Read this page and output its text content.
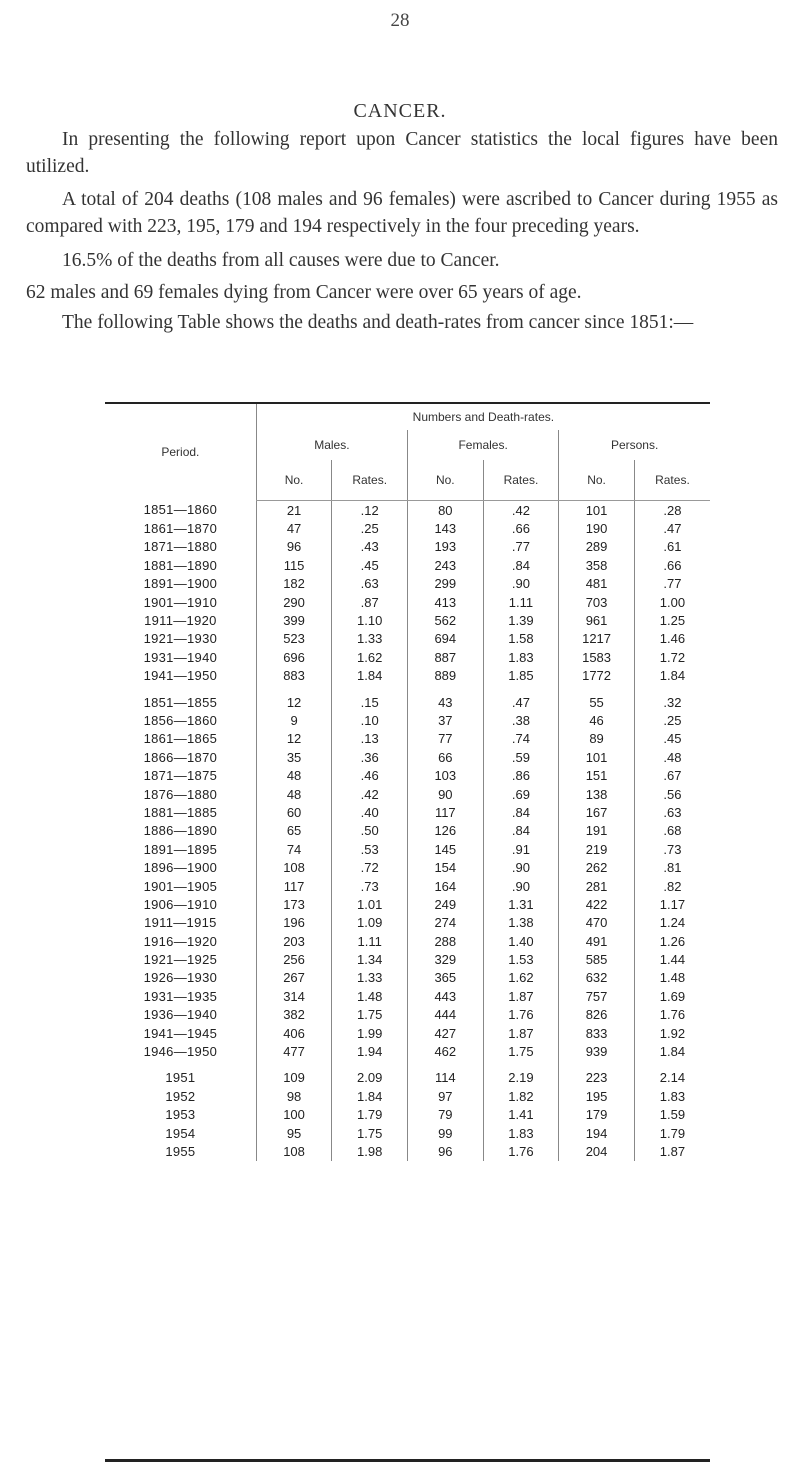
28
CANCER.
In presenting the following report upon Cancer statistics the local figures have been utilized.
A total of 204 deaths (108 males and 96 females) were ascribed to Cancer during 1955 as compared with 223, 195, 179 and 194 respectively in the four preceding years.
16.5% of the deaths from all causes were due to Cancer.
62 males and 69 females dying from Cancer were over 65 years of age.
The following Table shows the deaths and death-rates from cancer since 1851:—
Period.	Numbers and Death-rates.					
	Males.		Females.		Persons.	
	No.	Rates.	No.	Rates.	No.	Rates.
1851—1860	21	.12	80	.42	101	.28
1861—1870	47	.25	143	.66	190	.47
1871—1880	96	.43	193	.77	289	.61
1881—1890	115	.45	243	.84	358	.66
1891—1900	182	.63	299	.90	481	.77
1901—1910	290	.87	413	1.11	703	1.00
1911—1920	399	1.10	562	1.39	961	1.25
1921—1930	523	1.33	694	1.58	1217	1.46
1931—1940	696	1.62	887	1.83	1583	1.72
1941—1950	883	1.84	889	1.85	1772	1.84

1851—1855	12	.15	43	.47	55	.32
1856—1860	9	.10	37	.38	46	.25
1861—1865	12	.13	77	.74	89	.45
1866—1870	35	.36	66	.59	101	.48
1871—1875	48	.46	103	.86	151	.67
1876—1880	48	.42	90	.69	138	.56
1881—1885	60	.40	117	.84	167	.63
1886—1890	65	.50	126	.84	191	.68
1891—1895	74	.53	145	.91	219	.73
1896—1900	108	.72	154	.90	262	.81
1901—1905	117	.73	164	.90	281	.82
1906—1910	173	1.01	249	1.31	422	1.17
1911—1915	196	1.09	274	1.38	470	1.24
1916—1920	203	1.11	288	1.40	491	1.26
1921—1925	256	1.34	329	1.53	585	1.44
1926—1930	267	1.33	365	1.62	632	1.48
1931—1935	314	1.48	443	1.87	757	1.69
1936—1940	382	1.75	444	1.76	826	1.76
1941—1945	406	1.99	427	1.87	833	1.92
1946—1950	477	1.94	462	1.75	939	1.84

1951	109	2.09	114	2.19	223	2.14
1952	98	1.84	97	1.82	195	1.83
1953	100	1.79	79	1.41	179	1.59
1954	95	1.75	99	1.83	194	1.79
1955	108	1.98	96	1.76	204	1.87
